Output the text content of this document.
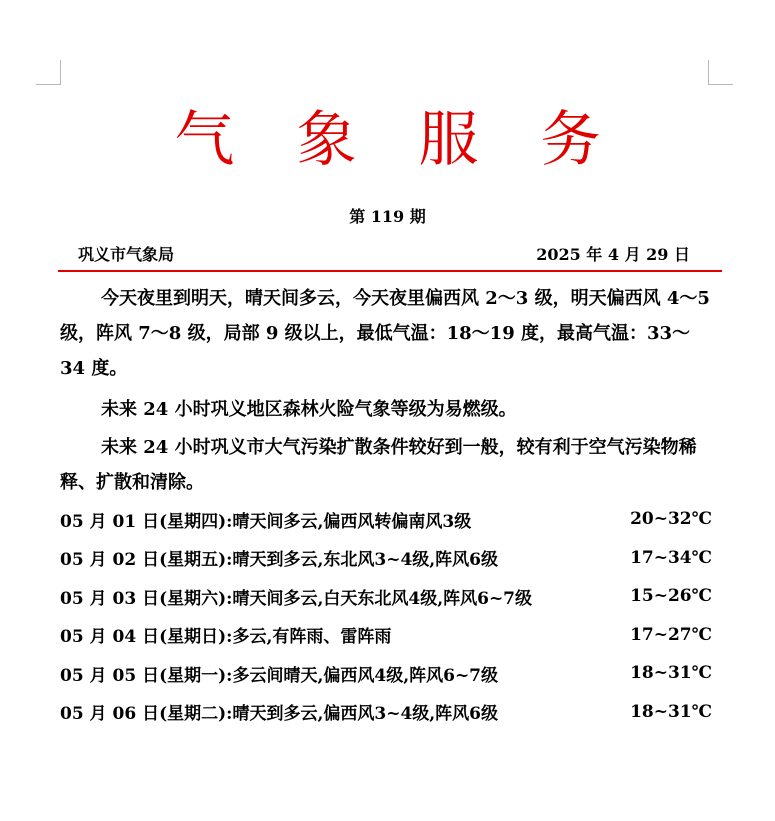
气象服务
第 119 期
巩义市气象局	2025 年 4 月 29 日

今天夜里到明天，晴天间多云，今天夜里偏西风 2～3 级，明天偏西风 4～5 级，阵风 7～8 级，局部 9 级以上，最低气温：18～19 度，最高气温：33～34 度。

未来 24 小时巩义地区森林火险气象等级为易燃级。

未来 24 小时巩义市大气污染扩散条件较好到一般，较有利于空气污染物稀释、扩散和清除。

05 月 01 日(星期四):晴天间多云,偏西风转偏南风3级	20~32℃
05 月 02 日(星期五):晴天到多云,东北风3~4级,阵风6级	17~34℃
05 月 03 日(星期六):晴天间多云,白天东北风4级,阵风6~7级	15~26℃
05 月 04 日(星期日):多云,有阵雨、雷阵雨	17~27℃
05 月 05 日(星期一):多云间晴天,偏西风4级,阵风6~7级	18~31℃
05 月 06 日(星期二):晴天到多云,偏西风3~4级,阵风6级	18~31℃
